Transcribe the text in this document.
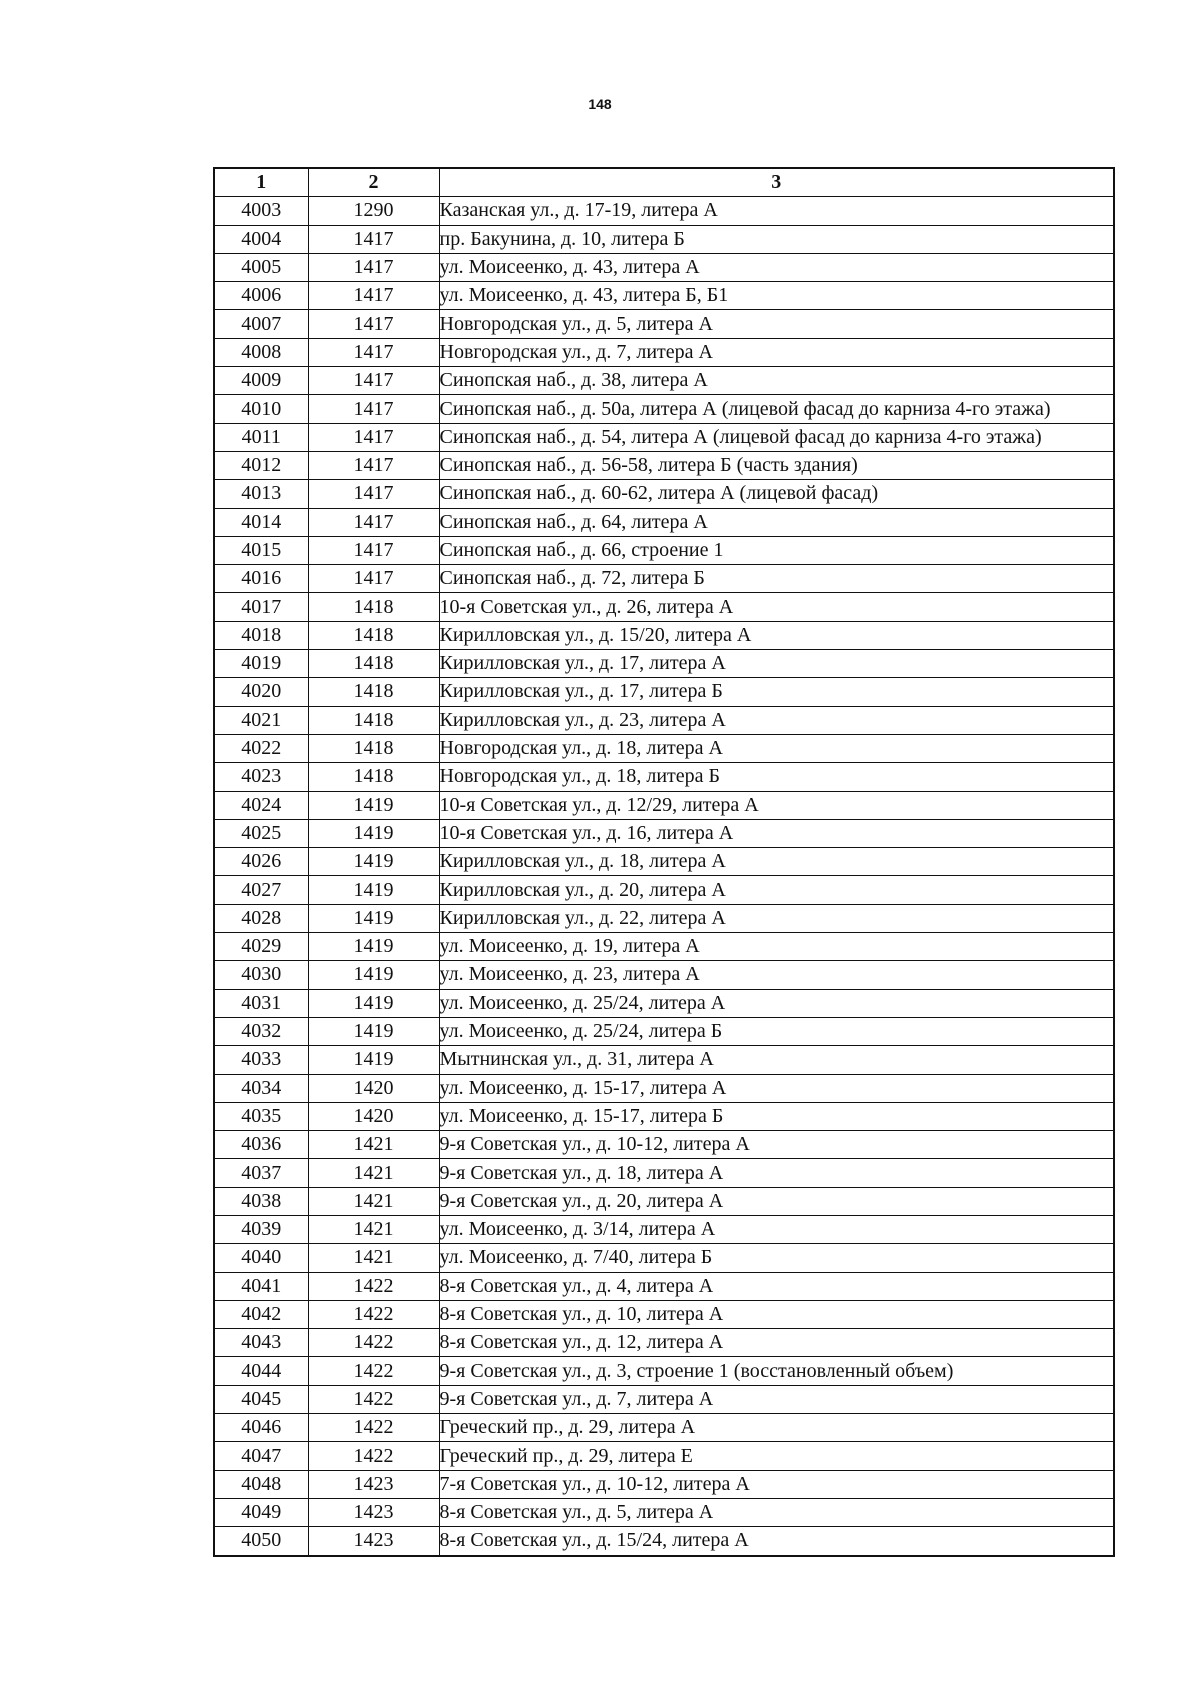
148
1	2	3
4003	1290	Казанская ул., д. 17-19, литера А
4004	1417	пр. Бакунина, д. 10, литера Б
4005	1417	ул. Моисеенко, д. 43, литера А
4006	1417	ул. Моисеенко, д. 43, литера Б, Б1
4007	1417	Новгородская ул., д. 5, литера А
4008	1417	Новгородская ул., д. 7, литера А
4009	1417	Синопская наб., д. 38, литера А
4010	1417	Синопская наб., д. 50а, литера А (лицевой фасад до карниза 4-го этажа)
4011	1417	Синопская наб., д. 54, литера А (лицевой фасад до карниза 4-го этажа)
4012	1417	Синопская наб., д. 56-58, литера Б (часть здания)
4013	1417	Синопская наб., д. 60-62, литера А (лицевой фасад)
4014	1417	Синопская наб., д. 64, литера А
4015	1417	Синопская наб., д. 66, строение 1
4016	1417	Синопская наб., д. 72, литера Б
4017	1418	10-я Советская ул., д. 26, литера А
4018	1418	Кирилловская ул., д. 15/20, литера А
4019	1418	Кирилловская ул., д. 17, литера А
4020	1418	Кирилловская ул., д. 17, литера Б
4021	1418	Кирилловская ул., д. 23, литера А
4022	1418	Новгородская ул., д. 18, литера А
4023	1418	Новгородская ул., д. 18, литера Б
4024	1419	10-я Советская ул., д. 12/29, литера А
4025	1419	10-я Советская ул., д. 16, литера А
4026	1419	Кирилловская ул., д. 18, литера А
4027	1419	Кирилловская ул., д. 20, литера А
4028	1419	Кирилловская ул., д. 22, литера А
4029	1419	ул. Моисеенко, д. 19, литера А
4030	1419	ул. Моисеенко, д. 23, литера А
4031	1419	ул. Моисеенко, д. 25/24, литера А
4032	1419	ул. Моисеенко, д. 25/24, литера Б
4033	1419	Мытнинская ул., д. 31, литера А
4034	1420	ул. Моисеенко, д. 15-17, литера А
4035	1420	ул. Моисеенко, д. 15-17, литера Б
4036	1421	9-я Советская ул., д. 10-12, литера А
4037	1421	9-я Советская ул., д. 18, литера А
4038	1421	9-я Советская ул., д. 20, литера А
4039	1421	ул. Моисеенко, д. 3/14, литера А
4040	1421	ул. Моисеенко, д. 7/40, литера Б
4041	1422	8-я Советская ул., д. 4, литера А
4042	1422	8-я Советская ул., д. 10, литера А
4043	1422	8-я Советская ул., д. 12, литера А
4044	1422	9-я Советская ул., д. 3, строение 1 (восстановленный объем)
4045	1422	9-я Советская ул., д. 7, литера А
4046	1422	Греческий пр., д. 29, литера А
4047	1422	Греческий пр., д. 29, литера Е
4048	1423	7-я Советская ул., д. 10-12, литера А
4049	1423	8-я Советская ул., д. 5, литера А
4050	1423	8-я Советская ул., д. 15/24, литера А
